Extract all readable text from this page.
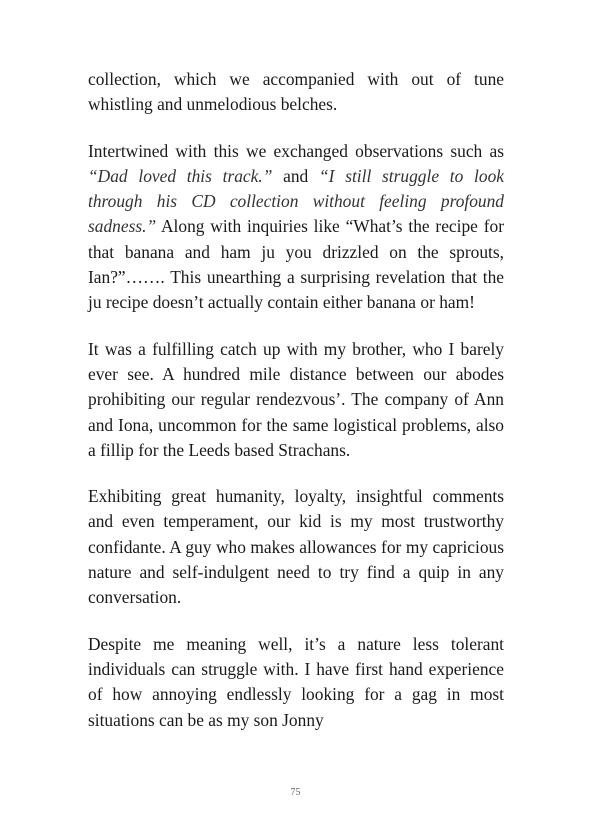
collection, which we accompanied with out of tune whistling and unmelodious belches.

Intertwined with this we exchanged observations such as “Dad loved this track.” and “I still struggle to look through his CD collection without feeling profound sadness.” Along with inquiries like “What’s the recipe for that banana and ham ju you drizzled on the sprouts, Ian?”……. This unearthing a surprising revelation that the ju recipe doesn’t actually contain either banana or ham!

It was a fulfilling catch up with my brother, who I barely ever see. A hundred mile distance between our abodes prohibiting our regular rendezvous’. The company of Ann and Iona, uncommon for the same logistical problems, also a fillip for the Leeds based Strachans.

Exhibiting great humanity, loyalty, insightful comments and even temperament, our kid is my most trustworthy confidante. A guy who makes allowances for my capricious nature and self-indulgent need to try find a quip in any conversation.

Despite me meaning well, it’s a nature less tolerant individuals can struggle with. I have first hand experience of how annoying endlessly looking for a gag in most situations can be as my son Jonny

75
